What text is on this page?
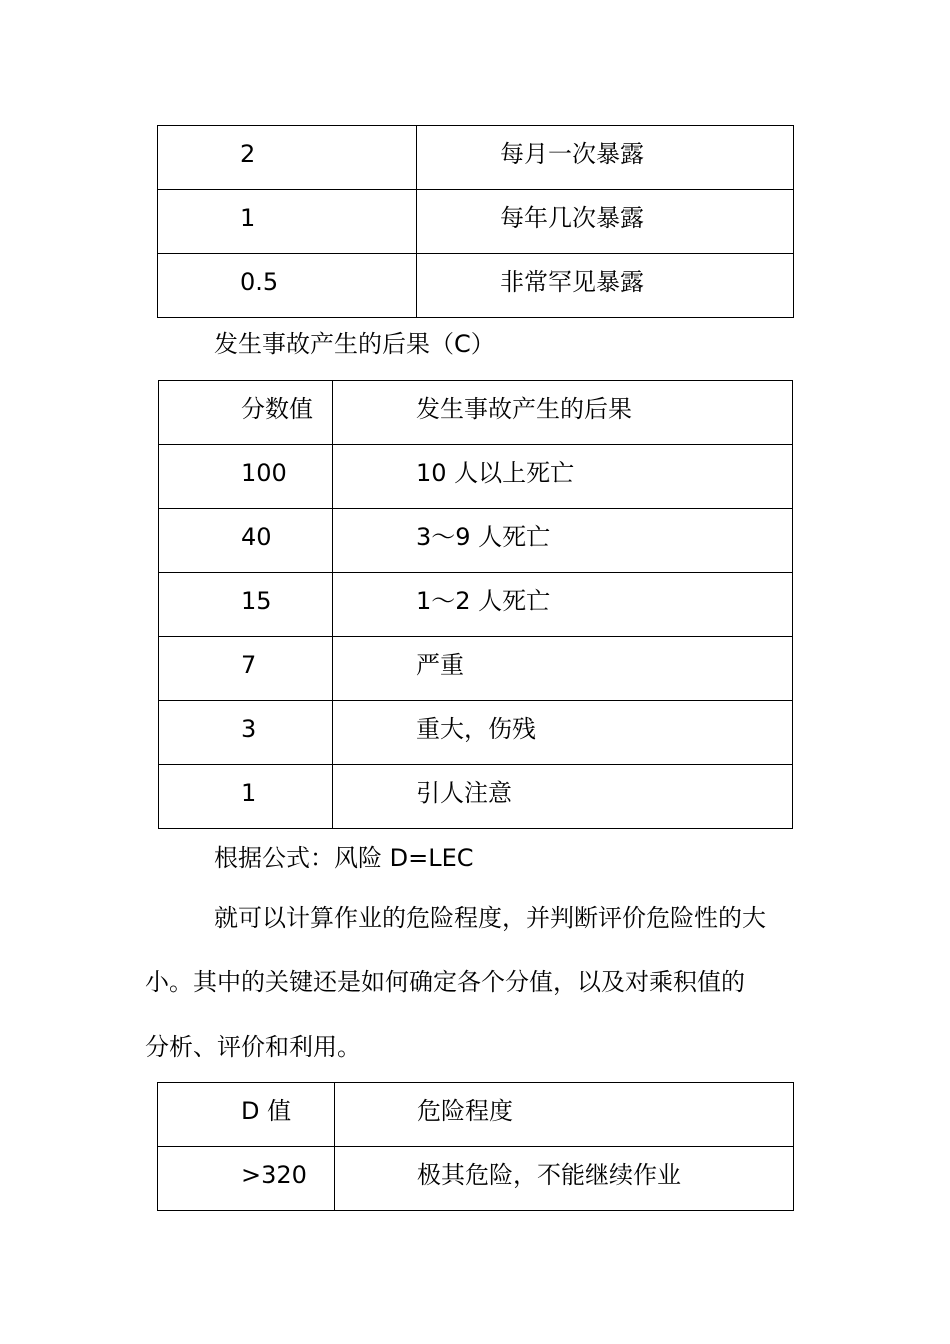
2	每月一次暴露

1	每年几次暴露

0.5	非常罕见暴露
发生事故产生的后果（C）
分数值	发生事故产生的后果

100	10 人以上死亡

40	3～9 人死亡

15	1～2 人死亡

7	严重

3	重大，伤残

1	引人注意
根据公式：风险 D=LEC
就可以计算作业的危险程度，并判断评价危险性的大
小。其中的关键还是如何确定各个分值，以及对乘积值的
分析、评价和利用。
D 值	危险程度

>320	极其危险，不能继续作业
